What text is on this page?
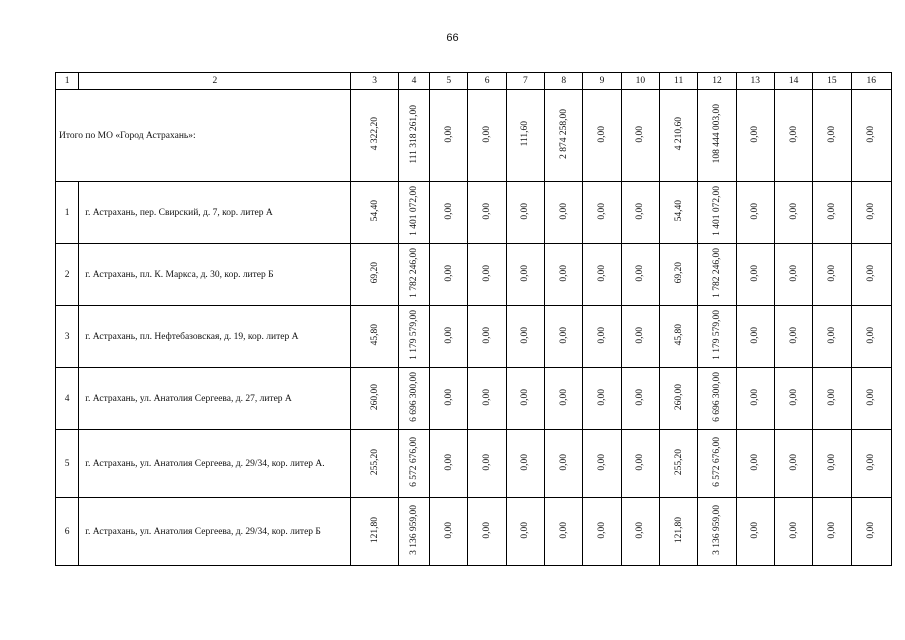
66
1	2	3	4	5	6	7	8	9	10	11	12	13	14	15	16
Итого по МО «Город Астрахань»:		4 322,20	111 318 261,00	0,00	0,00	111,60	2 874 258,00	0,00	0,00	4 210,60	108 444 003,00	0,00	0,00	0,00	0,00
1	г. Астрахань, пер. Свирский, д. 7, кор. литер А	54,40	1 401 072,00	0,00	0,00	0,00	0,00	0,00	0,00	54,40	1 401 072,00	0,00	0,00	0,00	0,00
2	г. Астрахань, пл. К. Маркса, д. 30, кор. литер Б	69,20	1 782 246,00	0,00	0,00	0,00	0,00	0,00	0,00	69,20	1 782 246,00	0,00	0,00	0,00	0,00
3	г. Астрахань, пл. Нефтебазовская, д. 19, кор. литер А	45,80	1 179 579,00	0,00	0,00	0,00	0,00	0,00	0,00	45,80	1 179 579,00	0,00	0,00	0,00	0,00
4	г. Астрахань, ул. Анатолия Сергеева, д. 27, литер А	260,00	6 696 300,00	0,00	0,00	0,00	0,00	0,00	0,00	260,00	6 696 300,00	0,00	0,00	0,00	0,00
5	г. Астрахань, ул. Анатолия Сергеева, д. 29/34, кор. литер А.	255,20	6 572 676,00	0,00	0,00	0,00	0,00	0,00	0,00	255,20	6 572 676,00	0,00	0,00	0,00	0,00
6	г. Астрахань, ул. Анатолия Сергеева, д. 29/34, кор. литер Б	121,80	3 136 959,00	0,00	0,00	0,00	0,00	0,00	0,00	121,80	3 136 959,00	0,00	0,00	0,00	0,00
